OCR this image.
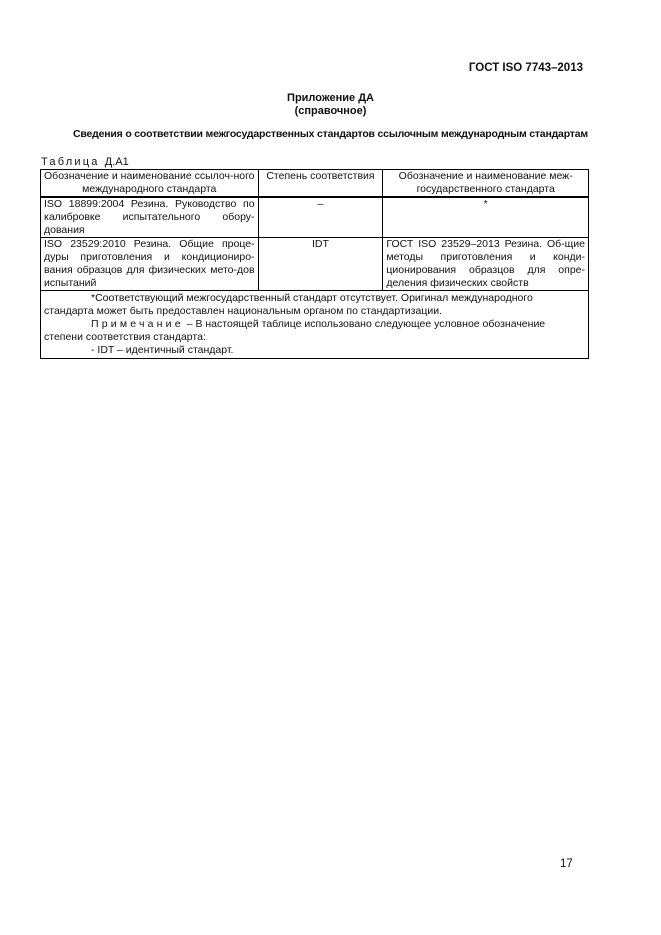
ГОСТ ISO 7743–2013
Приложение ДА
(справочное)
Сведения о соответствии межгосударственных стандартов ссылочным международным стандартам
Таблица Д.А1
Обозначение и наименование ссылоч-ного международного стандарта	Степень соответствия	Обозначение и наименование меж-государственного стандарта
ISO 18899:2004 Резина. Руководство по калибровке испытательного обору-дования	–	*
ISO 23529:2010 Резина. Общие проце-дуры приготовления и кондициониро-вания образцов для физических мето-дов испытаний	IDT	ГОСТ ISO 23529–2013 Резина. Об-щие методы приготовления и конди-ционирования образцов для опре-деления физических свойств

*Соответствующий межгосударственный стандарт отсутствует. Оригинал международного стандарта может быть предоставлен национальным органом по стандартизации.
Примечание – В настоящей таблице использовано следующее условное обозначение степени соответствия стандарта:
- IDT – идентичный стандарт.		
17
